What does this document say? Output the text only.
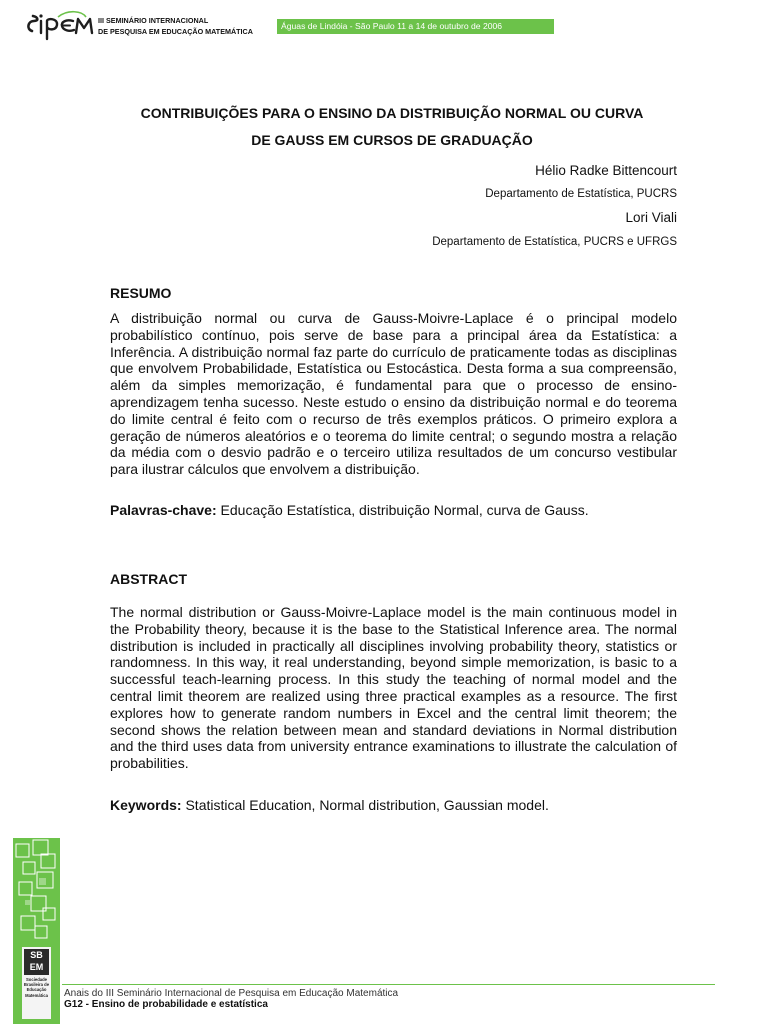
III SEMINÁRIO INTERNACIONAL
DE PESQUISA EM EDUCAÇÃO MATEMÁTICA
Águas de Lindóia - São Paulo 11 a 14 de outubro de 2006
CONTRIBUIÇÕES PARA O ENSINO DA DISTRIBUIÇÃO NORMAL OU CURVA
DE GAUSS EM CURSOS DE GRADUAÇÃO
Hélio Radke Bittencourt
Departamento de Estatística, PUCRS
Lori Viali
Departamento de Estatística, PUCRS e UFRGS
RESUMO
A distribuição normal ou curva de Gauss-Moivre-Laplace é o principal modelo probabilístico contínuo, pois serve de base para a principal área da Estatística: a Inferência. A distribuição normal faz parte do currículo de praticamente todas as disciplinas que envolvem Probabilidade, Estatística ou Estocástica. Desta forma a sua compreensão, além da simples memorização, é fundamental para que o processo de ensino-aprendizagem tenha sucesso. Neste estudo o ensino da distribuição normal e do teorema do limite central é feito com o recurso de três exemplos práticos. O primeiro explora a geração de números aleatórios e o teorema do limite central; o segundo mostra a relação da média com o desvio padrão e o terceiro utiliza resultados de um concurso vestibular para ilustrar cálculos que envolvem a distribuição.
Palavras-chave: Educação Estatística, distribuição Normal, curva de Gauss.
ABSTRACT
The normal distribution or Gauss-Moivre-Laplace model is the main continuous model in the Probability theory, because it is the base to the Statistical Inference area. The normal distribution is included in practically all disciplines involving probability theory, statistics or randomness. In this way, it real understanding, beyond simple memorization, is basic to a successful teach-learning process. In this study the teaching of normal model and the central limit theorem are realized using three practical examples as a resource. The first explores how to generate random numbers in Excel and the central limit theorem; the second shows the relation between mean and standard deviations in Normal distribution and the third uses data from university entrance examinations to illustrate the calculation of probabilities.
Keywords: Statistical Education, Normal distribution, Gaussian model.
SB EM
Sociedade Brasileira de Educação Matemática	Anais do III Seminário Internacional de Pesquisa em Educação Matemática
G12 - Ensino de probabilidade e estatística
